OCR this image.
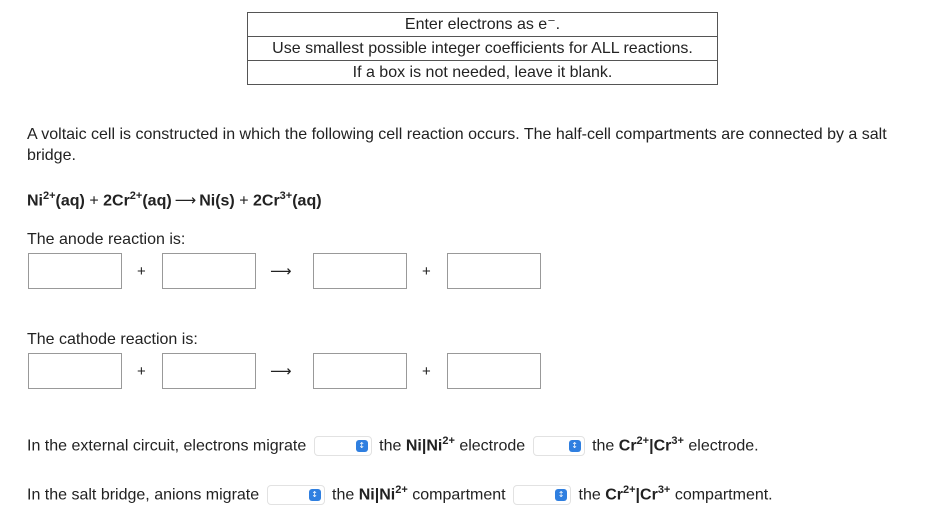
Enter electrons as e⁻.
Use smallest possible integer coefficients for ALL reactions.
If a box is not needed, leave it blank.
A voltaic cell is constructed in which the following cell reaction occurs. The half-cell compartments are connected by a salt bridge.
$Ni^{2+}(aq) + 2Cr^{2+}(aq)$ ⟶ $Ni(s) + 2Cr^{3+}(aq)$
The anode reaction is:
+	⟶	+
The cathode reaction is:
+	⟶	+
In the external circuit, electrons migrate	↕ the $Ni|Ni^{2+}$ electrode	↕ the $Cr^{2+}|Cr^{3+}$ electrode.
In the salt bridge, anions migrate	↕ the $Ni|Ni^{2+}$ compartment	↕ the $Cr^{2+}|Cr^{3+}$ compartment.
